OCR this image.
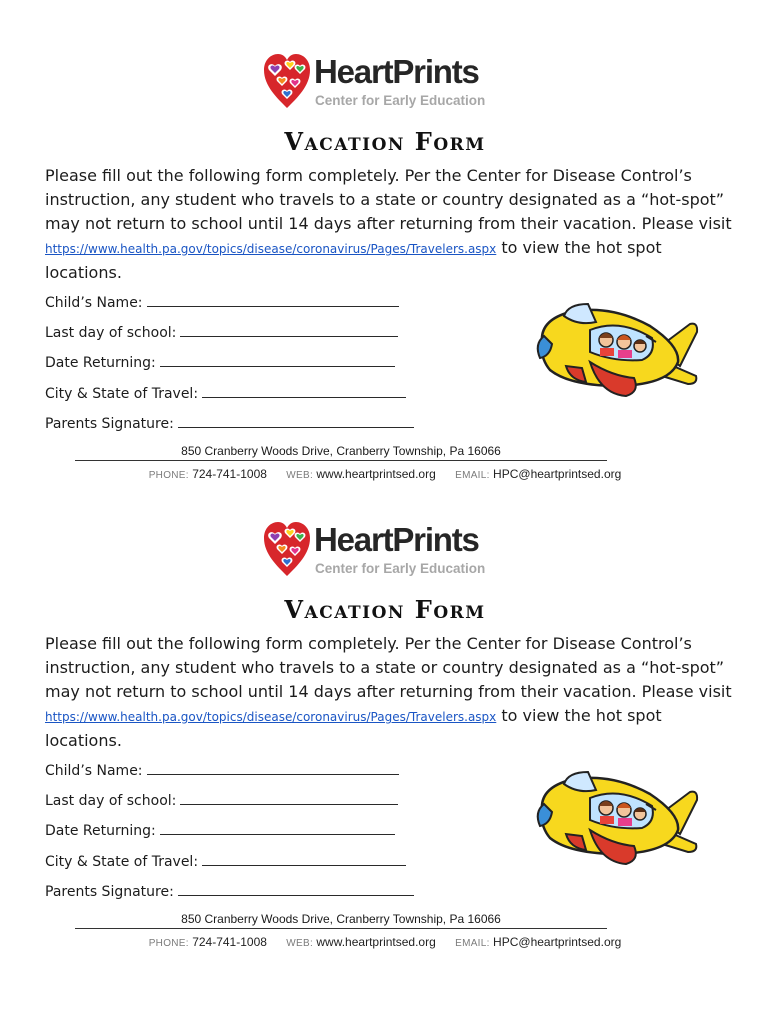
HeartPrints
Center for Early Education
Vacation Form
Please fill out the following form completely. Per the Center for Disease Control’s instruction, any student who travels to a state or country designated as a “hot-spot” may not return to school until 14 days after returning from their vacation. Please visit https://www.health.pa.gov/topics/disease/coronavirus/Pages/Travelers.aspx to view the hot spot locations.
Child’s Name:
Last day of school:
Date Returning:
City & State of Travel:
Parents Signature:
850 Cranberry Woods Drive, Cranberry Township, Pa 16066
PHONE: 724-741-1008 WEB: www.heartprintsed.org EMAIL: HPC@heartprintsed.org
HeartPrints
Center for Early Education
Vacation Form
Please fill out the following form completely. Per the Center for Disease Control’s instruction, any student who travels to a state or country designated as a “hot-spot” may not return to school until 14 days after returning from their vacation. Please visit https://www.health.pa.gov/topics/disease/coronavirus/Pages/Travelers.aspx to view the hot spot locations.
Child’s Name:
Last day of school:
Date Returning:
City & State of Travel:
Parents Signature:
850 Cranberry Woods Drive, Cranberry Township, Pa 16066
PHONE: 724-741-1008 WEB: www.heartprintsed.org EMAIL: HPC@heartprintsed.org
